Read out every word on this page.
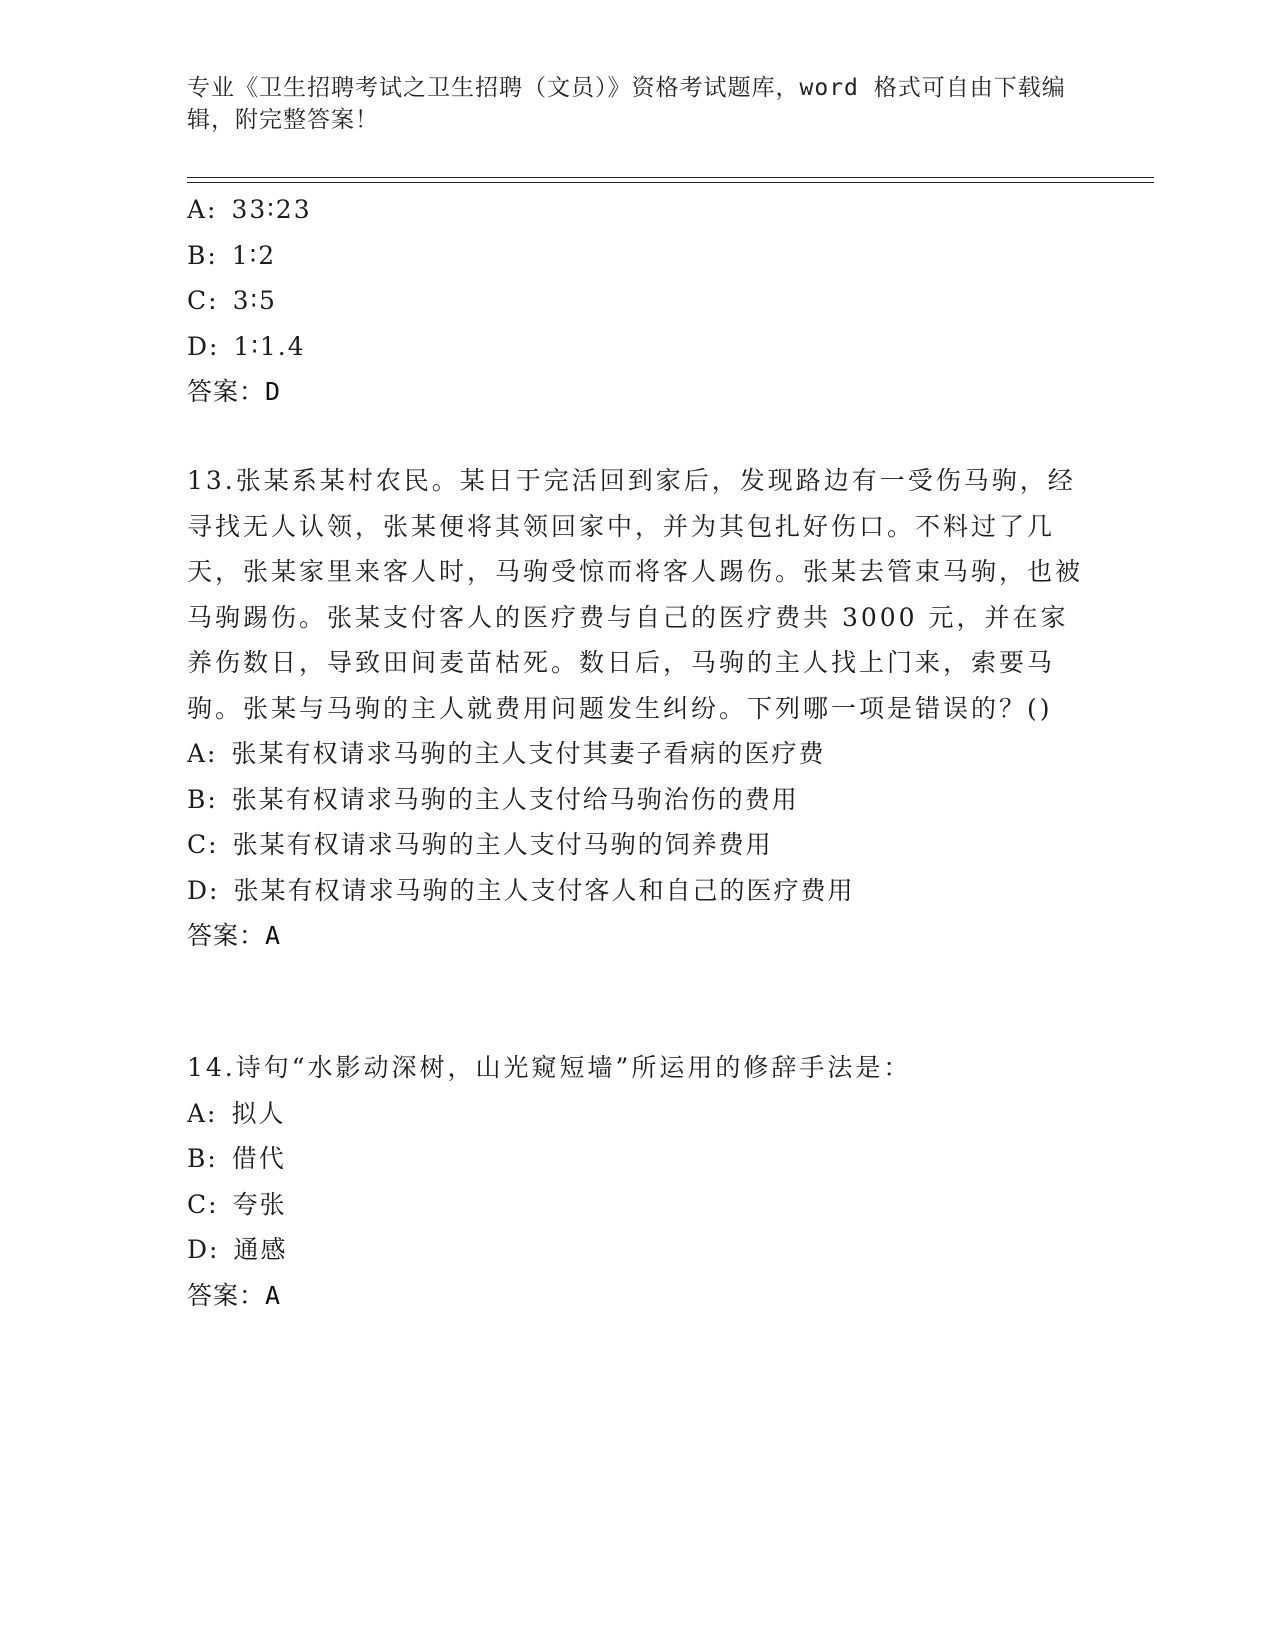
专业《卫生招聘考试之卫生招聘（文员）》资格考试题库，word 格式可自由下载编辑，附完整答案！
A: 33∶23
B: 1∶2
C: 3∶5
D: 1∶1.4
答案：D
13.张某系某村农民。某日于完活回到家后，发现路边有一受伤马驹，经寻找无人认领，张某便将其领回家中，并为其包扎好伤口。不料过了几天，张某家里来客人时，马驹受惊而将客人踢伤。张某去管束马驹，也被马驹踢伤。张某支付客人的医疗费与自己的医疗费共 3000 元，并在家养伤数日，导致田间麦苗枯死。数日后，马驹的主人找上门来，索要马驹。张某与马驹的主人就费用问题发生纠纷。下列哪一项是错误的？()
A: 张某有权请求马驹的主人支付其妻子看病的医疗费
B: 张某有权请求马驹的主人支付给马驹治伤的费用
C: 张某有权请求马驹的主人支付马驹的饲养费用
D: 张某有权请求马驹的主人支付客人和自己的医疗费用
答案：A
14.诗句“水影动深树，山光窥短墙”所运用的修辞手法是：
A: 拟人
B: 借代
C: 夸张
D: 通感
答案：A
